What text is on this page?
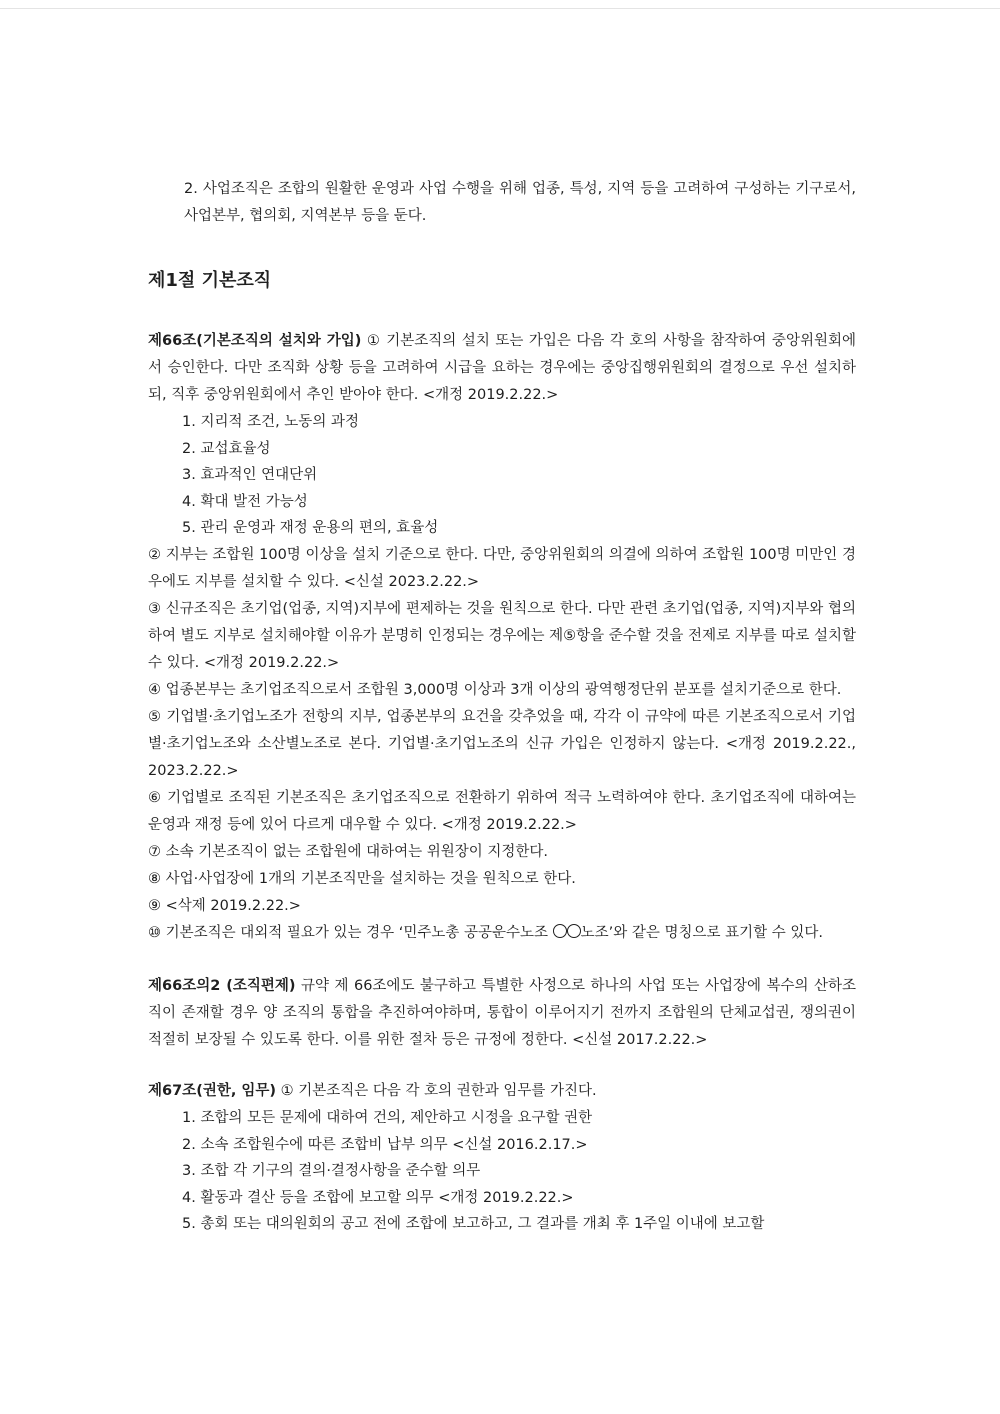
2. 사업조직은 조합의 원활한 운영과 사업 수행을 위해 업종, 특성, 지역 등을 고려하여 구성하는 기구로서, 사업본부, 협의회, 지역본부 등을 둔다.

제1절 기본조직

제66조(기본조직의 설치와 가입) ① 기본조직의 설치 또는 가입은 다음 각 호의 사항을 참작하여 중앙위원회에서 승인한다. 다만 조직화 상황 등을 고려하여 시급을 요하는 경우에는 중앙집행위원회의 결정으로 우선 설치하되, 직후 중앙위원회에서 추인 받아야 한다. <개정 2019.2.22.>

1. 지리적 조건, 노동의 과정

2. 교섭효율성

3. 효과적인 연대단위

4. 확대 발전 가능성

5. 관리 운영과 재정 운용의 편의, 효율성

② 지부는 조합원 100명 이상을 설치 기준으로 한다. 다만, 중앙위원회의 의결에 의하여 조합원 100명 미만인 경우에도 지부를 설치할 수 있다. <신설 2023.2.22.>

③ 신규조직은 초기업(업종, 지역)지부에 편제하는 것을 원칙으로 한다. 다만 관련 초기업(업종, 지역)지부와 협의하여 별도 지부로 설치해야할 이유가 분명히 인정되는 경우에는 제⑤항을 준수할 것을 전제로 지부를 따로 설치할 수 있다. <개정 2019.2.22.>

④ 업종본부는 초기업조직으로서 조합원 3,000명 이상과 3개 이상의 광역행정단위 분포를 설치기준으로 한다.

⑤ 기업별·초기업노조가 전항의 지부, 업종본부의 요건을 갖추었을 때, 각각 이 규약에 따른 기본조직으로서 기업별·초기업노조와 소산별노조로 본다. 기업별·초기업노조의 신규 가입은 인정하지 않는다. <개정 2019.2.22., 2023.2.22.>

⑥ 기업별로 조직된 기본조직은 초기업조직으로 전환하기 위하여 적극 노력하여야 한다. 초기업조직에 대하여는 운영과 재정 등에 있어 다르게 대우할 수 있다. <개정 2019.2.22.>

⑦ 소속 기본조직이 없는 조합원에 대하여는 위원장이 지정한다.

⑧ 사업·사업장에 1개의 기본조직만을 설치하는 것을 원칙으로 한다.

⑨ <삭제 2019.2.22.>

⑩ 기본조직은 대외적 필요가 있는 경우 ‘민주노총 공공운수노조 노조’와 같은 명칭으로 표기할 수 있다.

제66조의2 (조직편제) 규약 제 66조에도 불구하고 특별한 사정으로 하나의 사업 또는 사업장에 복수의 산하조직이 존재할 경우 양 조직의 통합을 추진하여야하며, 통합이 이루어지기 전까지 조합원의 단체교섭권, 쟁의권이 적절히 보장될 수 있도록 한다. 이를 위한 절차 등은 규정에 정한다. <신설 2017.2.22.>

제67조(권한, 임무) ① 기본조직은 다음 각 호의 권한과 임무를 가진다.

1. 조합의 모든 문제에 대하여 건의, 제안하고 시정을 요구할 권한

2. 소속 조합원수에 따른 조합비 납부 의무 <신설 2016.2.17.>

3. 조합 각 기구의 결의·결정사항을 준수할 의무

4. 활동과 결산 등을 조합에 보고할 의무 <개정 2019.2.22.>

5. 총회 또는 대의원회의 공고 전에 조합에 보고하고, 그 결과를 개최 후 1주일 이내에 보고할
